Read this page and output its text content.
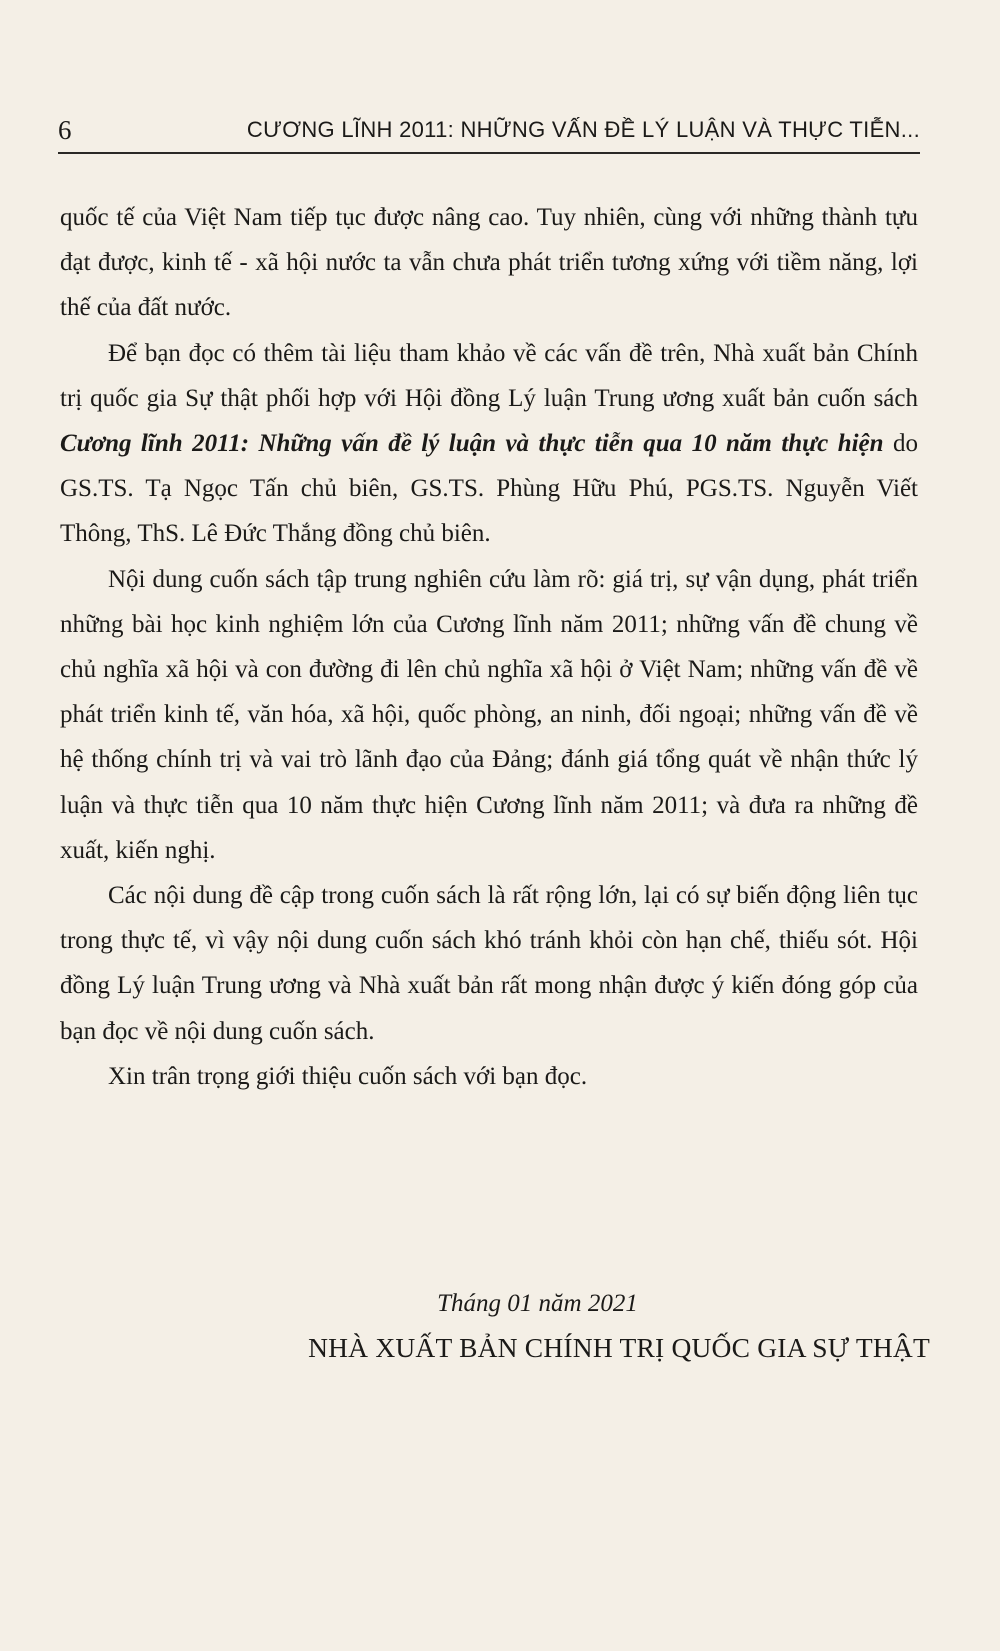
6	CƯƠNG LĨNH 2011: NHỮNG VẤN ĐỀ LÝ LUẬN VÀ THỰC TIỄN...

quốc tế của Việt Nam tiếp tục được nâng cao. Tuy nhiên, cùng với những thành tựu đạt được, kinh tế - xã hội nước ta vẫn chưa phát triển tương xứng với tiềm năng, lợi thế của đất nước.

Để bạn đọc có thêm tài liệu tham khảo về các vấn đề trên, Nhà xuất bản Chính trị quốc gia Sự thật phối hợp với Hội đồng Lý luận Trung ương xuất bản cuốn sách Cương lĩnh 2011: Những vấn đề lý luận và thực tiễn qua 10 năm thực hiện do GS.TS. Tạ Ngọc Tấn chủ biên, GS.TS. Phùng Hữu Phú, PGS.TS. Nguyễn Viết Thông, ThS. Lê Đức Thắng đồng chủ biên.

Nội dung cuốn sách tập trung nghiên cứu làm rõ: giá trị, sự vận dụng, phát triển những bài học kinh nghiệm lớn của Cương lĩnh năm 2011; những vấn đề chung về chủ nghĩa xã hội và con đường đi lên chủ nghĩa xã hội ở Việt Nam; những vấn đề về phát triển kinh tế, văn hóa, xã hội, quốc phòng, an ninh, đối ngoại; những vấn đề về hệ thống chính trị và vai trò lãnh đạo của Đảng; đánh giá tổng quát về nhận thức lý luận và thực tiễn qua 10 năm thực hiện Cương lĩnh năm 2011; và đưa ra những đề xuất, kiến nghị.

Các nội dung đề cập trong cuốn sách là rất rộng lớn, lại có sự biến động liên tục trong thực tế, vì vậy nội dung cuốn sách khó tránh khỏi còn hạn chế, thiếu sót. Hội đồng Lý luận Trung ương và Nhà xuất bản rất mong nhận được ý kiến đóng góp của bạn đọc về nội dung cuốn sách.

Xin trân trọng giới thiệu cuốn sách với bạn đọc.

Tháng 01 năm 2021
NHÀ XUẤT BẢN CHÍNH TRỊ QUỐC GIA SỰ THẬT
